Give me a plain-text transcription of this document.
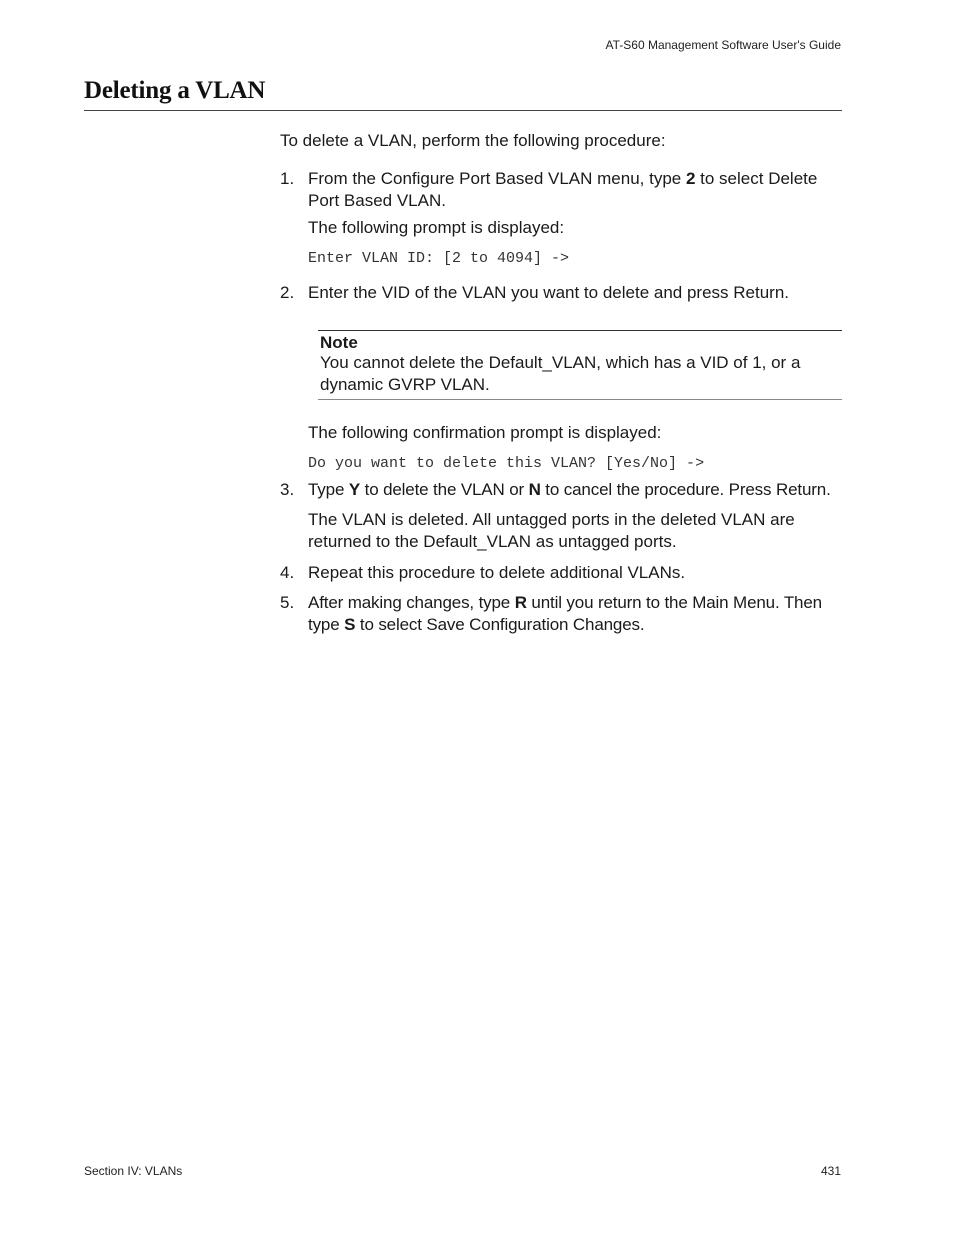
AT-S60 Management Software User's Guide
Deleting a VLAN
To delete a VLAN, perform the following procedure:
1. From the Configure Port Based VLAN menu, type 2 to select Delete Port Based VLAN.
The following prompt is displayed:
Enter VLAN ID: [2 to 4094] ->
2. Enter the VID of the VLAN you want to delete and press Return.
Note
You cannot delete the Default_VLAN, which has a VID of 1, or a dynamic GVRP VLAN.
The following confirmation prompt is displayed:
Do you want to delete this VLAN? [Yes/No] ->
3. Type Y to delete the VLAN or N to cancel the procedure. Press Return.
The VLAN is deleted. All untagged ports in the deleted VLAN are returned to the Default_VLAN as untagged ports.
4. Repeat this procedure to delete additional VLANs.
5. After making changes, type R until you return to the Main Menu. Then type S to select Save Configuration Changes.
Section IV: VLANs	431
